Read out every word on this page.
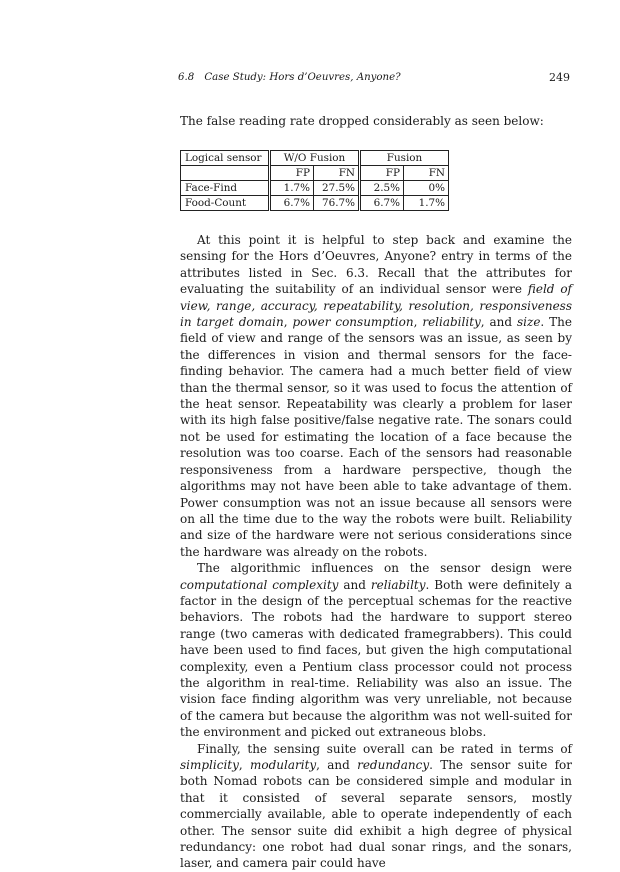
6.8 Case Study: Hors d’Oeuvres, Anyone?	249

The false reading rate dropped considerably as seen below:

Logical sensor		W/O Fusion			Fusion	
		FP	FN		FP	FN
Face-Find		1.7%	27.5%		2.5%	0%
Food-Count		6.7%	76.7%		6.7%	1.7%

At this point it is helpful to step back and examine the sensing for the Hors d’Oeuvres, Anyone? entry in terms of the attributes listed in Sec. 6.3. Recall that the attributes for evaluating the suitability of an individual sensor were field of view, range, accuracy, repeatability, resolution, responsiveness in target domain, power consumption, reliability, and size. The field of view and range of the sensors was an issue, as seen by the differences in vision and thermal sensors for the face-finding behavior. The camera had a much better field of view than the thermal sensor, so it was used to focus the attention of the heat sensor. Repeatability was clearly a problem for laser with its high false positive/false negative rate. The sonars could not be used for estimating the location of a face because the resolution was too coarse. Each of the sensors had reasonable responsiveness from a hardware perspective, though the algorithms may not have been able to take advantage of them. Power consumption was not an issue because all sensors were on all the time due to the way the robots were built. Reliability and size of the hardware were not serious considerations since the hardware was already on the robots.

The algorithmic influences on the sensor design were computational complexity and reliabilty. Both were definitely a factor in the design of the perceptual schemas for the reactive behaviors. The robots had the hardware to support stereo range (two cameras with dedicated framegrabbers). This could have been used to find faces, but given the high computational complexity, even a Pentium class processor could not process the algorithm in real-time. Reliability was also an issue. The vision face finding algorithm was very unreliable, not because of the camera but because the algorithm was not well-suited for the environment and picked out extraneous blobs.

Finally, the sensing suite overall can be rated in terms of simplicity, modularity, and redundancy. The sensor suite for both Nomad robots can be considered simple and modular in that it consisted of several separate sensors, mostly commercially available, able to operate independently of each other. The sensor suite did exhibit a high degree of physical redundancy: one robot had dual sonar rings, and the sonars, laser, and camera pair could have
